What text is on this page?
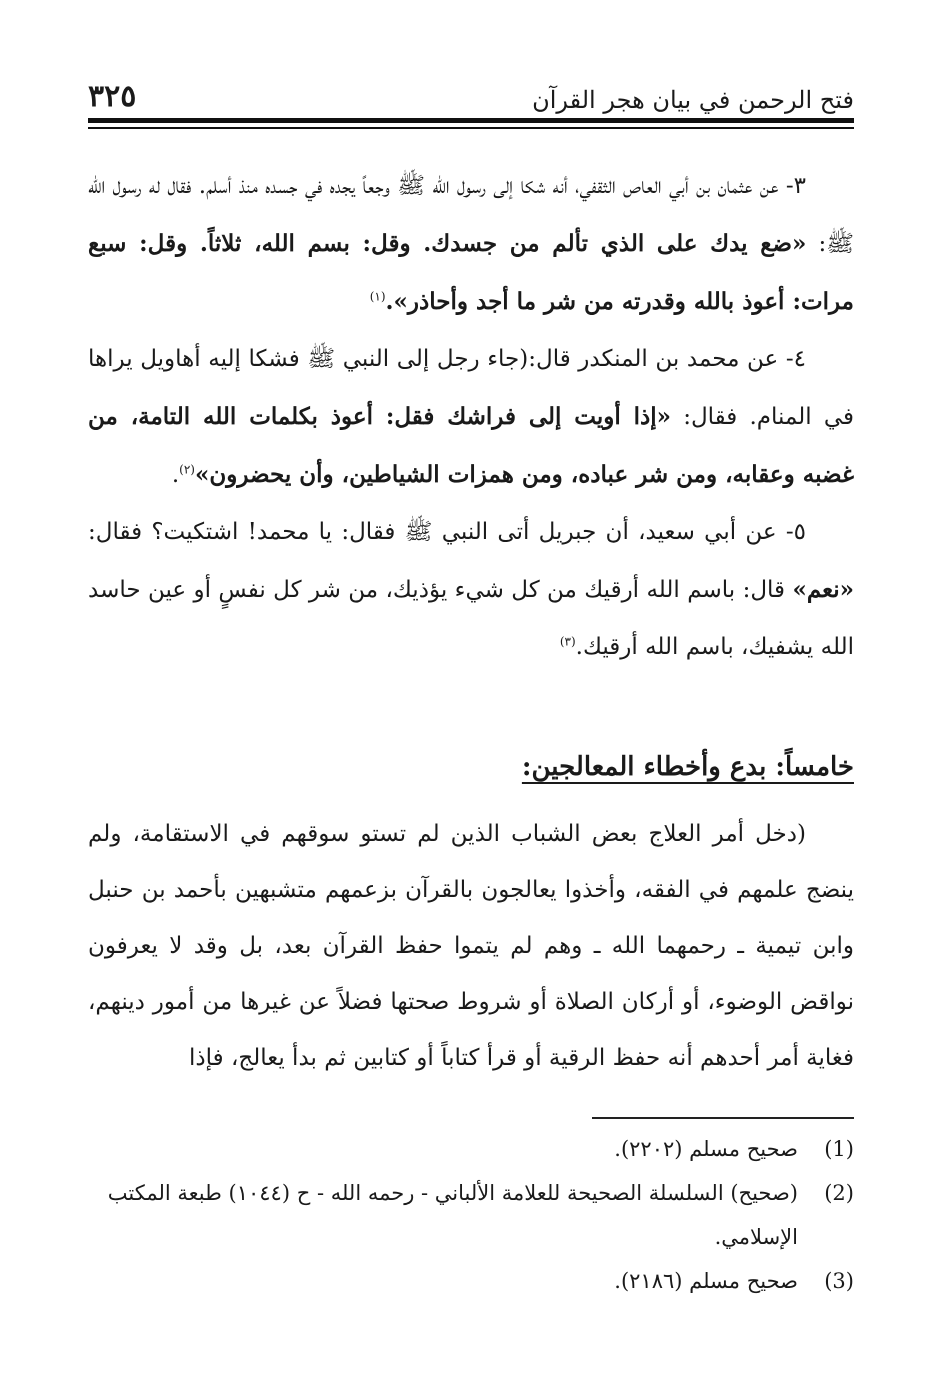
فتح الرحمن في بيان هجر القرآن
٣٢٥

٣- عن عثمان بن أبي العاص الثقفي، أنه شكا إلى رسول الله ﷺ وجعاً يجده في جسده منذ أسلم. فقال له رسول الله ﷺ: «ضع يدك على الذي تألم من جسدك. وقل: بسم الله، ثلاثاً. وقل: سبع مرات: أعوذ بالله وقدرته من شر ما أجد وأحاذر».$^{(١)}$

٤- عن محمد بن المنكدر قال:(جاء رجل إلى النبي ﷺ فشكا إليه أهاويل يراها في المنام. فقال: «إذا أويت إلى فراشك فقل: أعوذ بكلمات الله التامة، من غضبه وعقابه، ومن شر عباده، ومن همزات الشياطين، وأن يحضرون»$^{(٢)}$.

٥- عن أبي سعيد، أن جبريل أتى النبي ﷺ فقال: يا محمد! اشتكيت؟ فقال: «نعم» قال: باسم الله أرقيك من كل شيء يؤذيك، من شر كل نفسٍ أو عين حاسد الله يشفيك، باسم الله أرقيك.$^{(٣)}$

خامساً: بدع وأخطاء المعالجين:

(دخل أمر العلاج بعض الشباب الذين لم تستو سوقهم في الاستقامة، ولم ينضج علمهم في الفقه، وأخذوا يعالجون بالقرآن بزعمهم متشبهين بأحمد بن حنبل وابن تيمية ـ رحمهما الله ـ وهم لم يتموا حفظ القرآن بعد، بل وقد لا يعرفون نواقض الوضوء، أو أركان الصلاة أو شروط صحتها فضلاً عن غيرها من أمور دينهم، فغاية أمر أحدهم أنه حفظ الرقية أو قرأ كتاباً أو كتابين ثم بدأ يعالج، فإذا

(1)صحيح مسلم (٢٢٠٢).

(2)(صحيح) السلسلة الصحيحة للعلامة الألباني - رحمه الله - ح (١٠٤٤) طبعة المكتب الإسلامي.

(3)صحيح مسلم (٢١٨٦).
